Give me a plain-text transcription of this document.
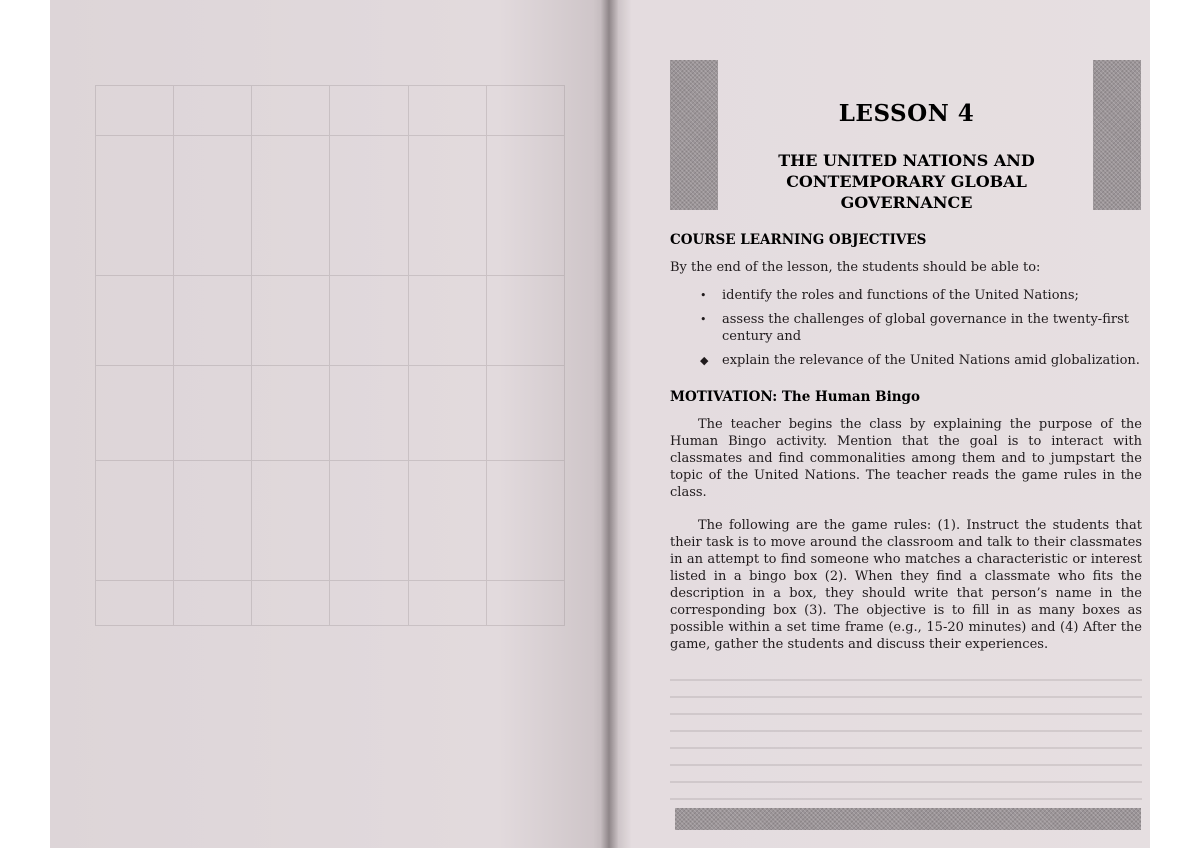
LESSON 4
THE UNITED NATIONS AND
CONTEMPORARY GLOBAL
GOVERNANCE
COURSE LEARNING OBJECTIVES
By the end of the lesson, the students should be able to:
• identify the roles and functions of the United Nations;
• assess the challenges of global governance in the twenty-first century and
◆ explain the relevance of the United Nations amid globalization.
MOTIVATION: The Human Bingo
The teacher begins the class by explaining the purpose of the Human Bingo activity. Mention that the goal is to interact with classmates and find commonalities among them and to jumpstart the topic of the United Nations. The teacher reads the game rules in the class.
The following are the game rules: (1). Instruct the students that their task is to move around the classroom and talk to their classmates in an attempt to find someone who matches a characteristic or interest listed in a bingo box (2). When they find a classmate who fits the description in a box, they should write that person’s name in the corresponding box (3). The objective is to fill in as many boxes as possible within a set time frame (e.g., 15-20 minutes) and (4) After the game, gather the students and discuss their experiences.
